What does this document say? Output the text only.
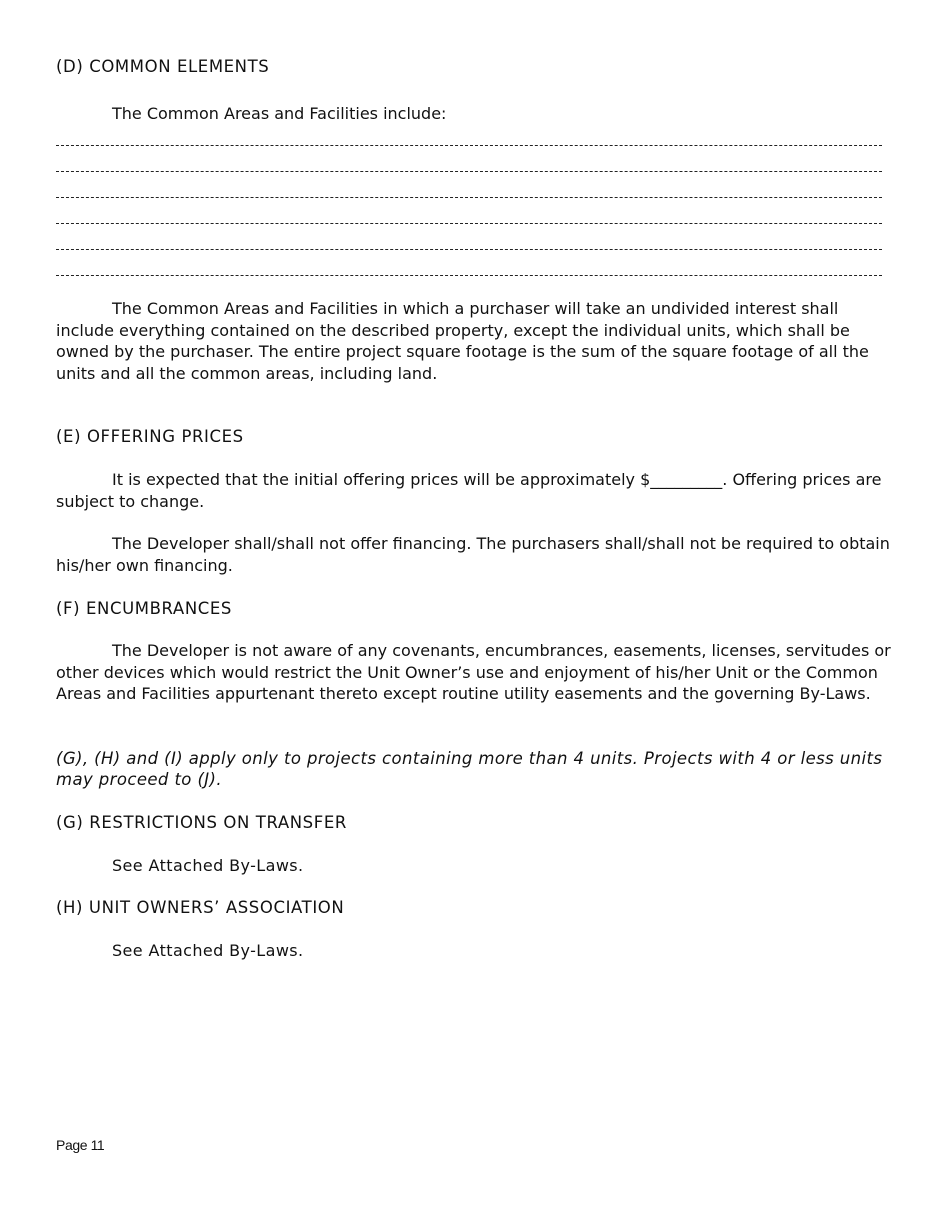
(D) COMMON ELEMENTS
The Common Areas and Facilities include:

The Common Areas and Facilities in which a purchaser will take an undivided interest shall include everything contained on the described property, except the individual units, which shall be owned by the purchaser. The entire project square footage is the sum of the square footage of all the units and all the common areas, including land.

(E) OFFERING PRICES

It is expected that the initial offering prices will be approximately $_________. Offering prices are subject to change.

The Developer shall/shall not offer financing. The purchasers shall/shall not be required to obtain his/her own financing.

(F) ENCUMBRANCES

The Developer is not aware of any covenants, encumbrances, easements, licenses, servitudes or other devices which would restrict the Unit Owner’s use and enjoyment of his/her Unit or the Common Areas and Facilities appurtenant thereto except routine utility easements and the governing By-Laws.

(G), (H) and (I) apply only to projects containing more than 4 units. Projects with 4 or less units may proceed to (J).

(G) RESTRICTIONS ON TRANSFER
See Attached By-Laws.
(H) UNIT OWNERS’ ASSOCIATION
See Attached By-Laws.
Page 11
